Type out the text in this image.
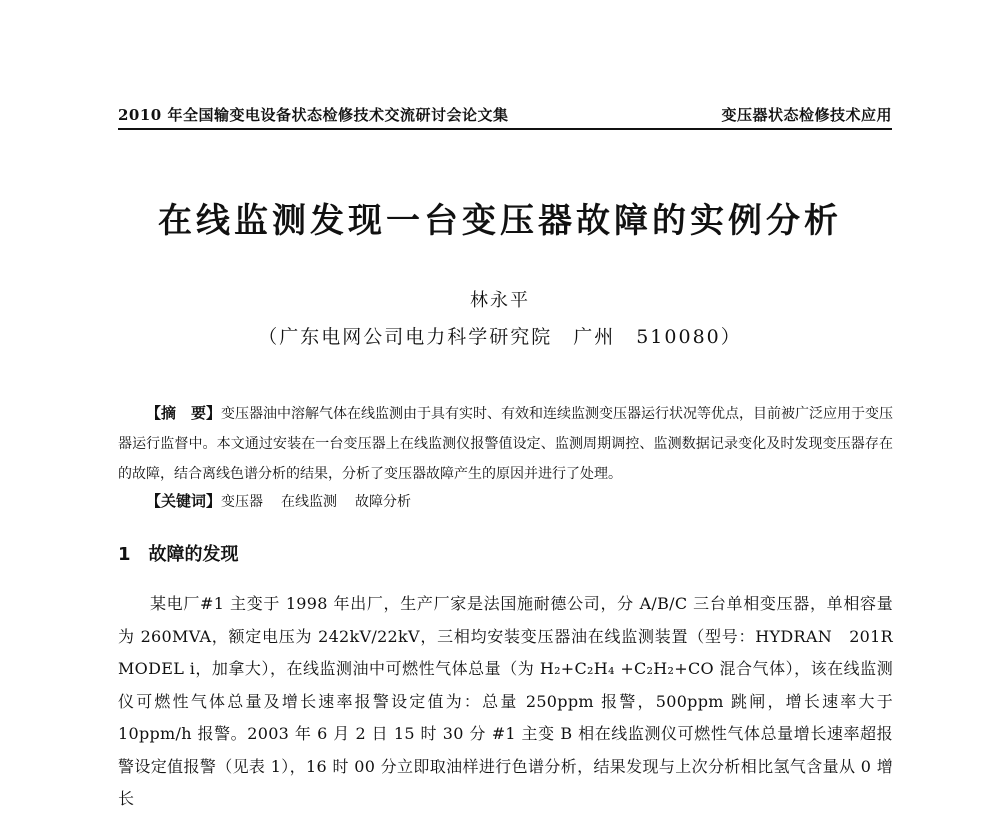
2010 年全国输变电设备状态检修技术交流研讨会论文集	变压器状态检修技术应用
在线监测发现一台变压器故障的实例分析
林永平
（广东电网公司电力科学研究院　广州　510080）
【摘　要】变压器油中溶解气体在线监测由于具有实时、有效和连续监测变压器运行状况等优点，目前被广泛应用于变压器运行监督中。本文通过安装在一台变压器上在线监测仪报警值设定、监测周期调控、监测数据记录变化及时发现变压器存在的故障，结合离线色谱分析的结果，分析了变压器故障产生的原因并进行了处理。
【关键词】变压器 在线监测 故障分析
1 故障的发现
某电厂#1 主变于 1998 年出厂，生产厂家是法国施耐德公司，分 A/B/C 三台单相变压器，单相容量为 260MVA，额定电压为 242kV/22kV，三相均安装变压器油在线监测装置（型号：HYDRAN　201R MODEL i，加拿大），在线监测油中可燃性气体总量（为 H₂+C₂H₄ +C₂H₂+CO 混合气体），该在线监测仪可燃性气体总量及增长速率报警设定值为：总量 250ppm 报警，500ppm 跳闸，增长速率大于 10ppm/h 报警。2003 年 6 月 2 日 15 时 30 分 #1 主变 B 相在线监测仪可燃性气体总量增长速率超报警设定值报警（见表 1），16 时 00 分立即取油样进行色谱分析，结果发现与上次分析相比氢气含量从 0 增长
